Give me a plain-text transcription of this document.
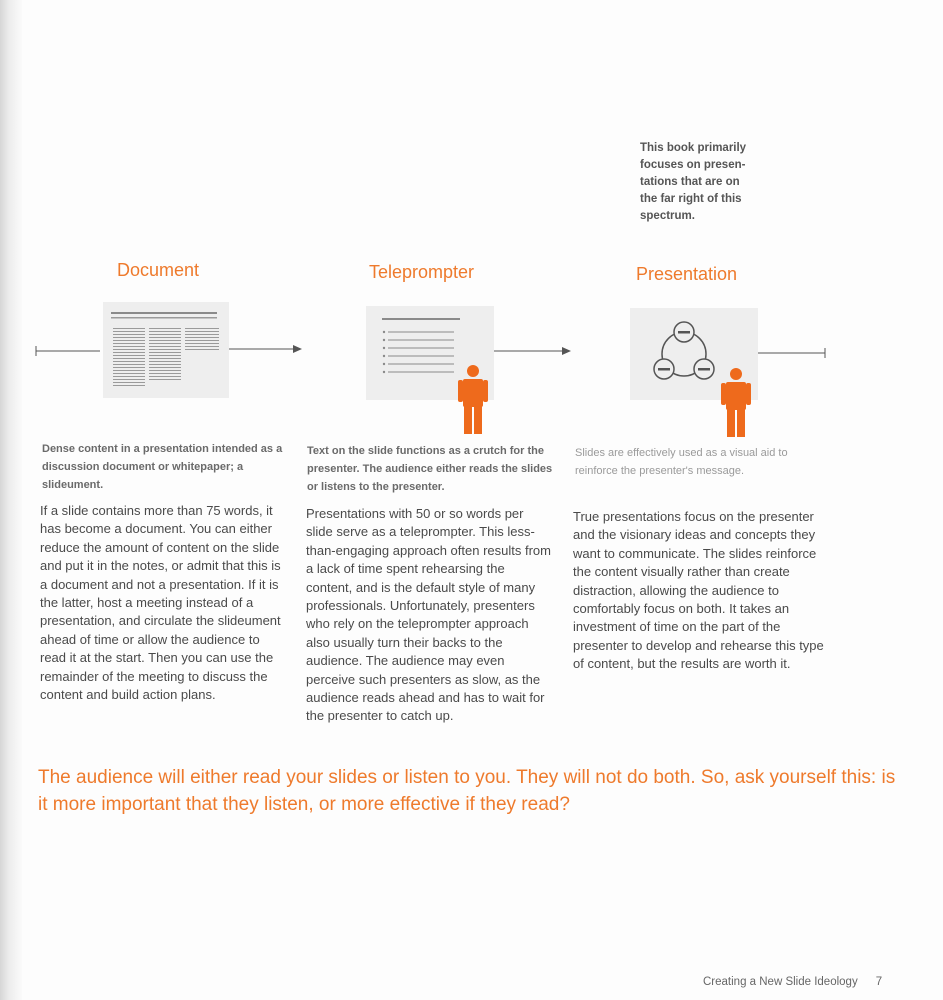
This book primarily
focuses on presen-
tations that are on
the far right of this
spectrum.
Document	Teleprompter	Presentation
Dense content in a presentation intended as a discussion document or whitepaper; a slideument.
Text on the slide functions as a crutch for the presenter. The audience either reads the slides or listens to the presenter.
Slides are effectively used as a visual aid to reinforce the presenter's message.
If a slide contains more than 75 words, it has become a document. You can either reduce the amount of content on the slide and put it in the notes, or admit that this is a document and not a presentation. If it is the latter, host a meeting instead of a presentation, and circulate the slideument ahead of time or allow the audience to read it at the start. Then you can use the remainder of the meeting to discuss the content and build action plans.
Presentations with 50 or so words per slide serve as a teleprompter. This less-than-engaging approach often results from a lack of time spent rehearsing the content, and is the default style of many professionals. Unfortunately, presenters who rely on the teleprompter approach also usually turn their backs to the audience. The audience may even perceive such presenters as slow, as the audience reads ahead and has to wait for the presenter to catch up.
True presentations focus on the presenter and the visionary ideas and concepts they want to communicate. The slides reinforce the content visually rather than create distraction, allowing the audience to comfortably focus on both. It takes an investment of time on the part of the presenter to develop and rehearse this type of content, but the results are worth it.
The audience will either read your slides or listen to you. They will not do both. So, ask yourself this: is it more important that they listen, or more effective if they read?
Creating a New Slide Ideology 7
